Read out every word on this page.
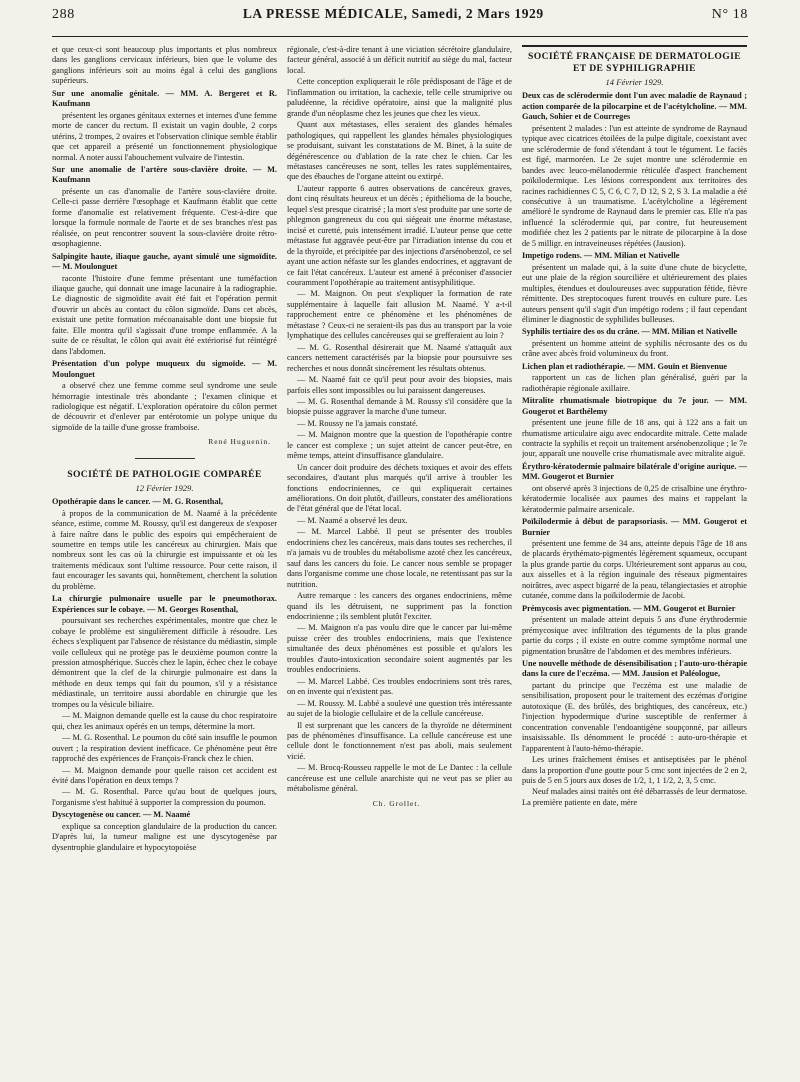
288	LA PRESSE MÉDICALE, Samedi, 2 Mars 1929	N° 18

et que ceux-ci sont beaucoup plus importants et plus nombreux dans les ganglions cervicaux inférieurs, bien que le volume des ganglions inférieurs soit au moins égal à celui des ganglions supérieurs.

Sur une anomalie génitale. — MM. A. Bergeret et R. Kaufmann

présentent les organes génitaux externes et internes d'une femme morte de cancer du rectum. Il existait un vagin double, 2 corps utérins, 2 trompes, 2 ovaires et l'observation clinique semble établir que cet appareil a présenté un fonctionnement physiologique normal. A noter aussi l'abouchement vulvaire de l'intestin.

Sur une anomalie de l'artère sous-clavière droite. — M. Kaufmann

présente un cas d'anomalie de l'artère sous-clavière droite. Celle-ci passe derrière l'œsophage et Kaufmann établit que cette forme d'anomalie est relativement fréquente. C'est-à-dire que lorsque la formule normale de l'aorte et de ses branches n'est pas réalisée, on peut rencontrer souvent la sous-clavière droite rétro-œsophagienne.

Salpingite haute, iliaque gauche, ayant simulé une sigmoïdite. — M. Moulonguet

raconte l'histoire d'une femme présentant une tuméfaction iliaque gauche, qui donnait une image lacunaire à la radiographie. Le diagnostic de sigmoïdite avait été fait et l'opération permit d'ouvrir un abcès au contact du côlon sigmoïde. Dans cet abcès, existait une petite formation mécoanaisable dont une biopsie fut faite. Elle montra qu'il s'agissait d'une trompe enflammée. A la suite de ce résultat, le côlon qui avait été extériorisé fut réintégré dans l'abdomen.

Présentation d'un polype muqueux du sigmoïde. — M. Moulonguet

a observé chez une femme comme seul syndrome une seule hémorragie intestinale très abondante ; l'examen clinique et radiologique est négatif. L'exploration opératoire du côlon permet de découvrir et d'enlever par entérotomie un polype unique du sigmoïde de la taille d'une grosse framboise.

René Huguenin.
SOCIÉTÉ DE PATHOLOGIE COMPARÉE
12 Février 1929.

Opothérapie dans le cancer. — M. G. Rosenthal,

à propos de la communication de M. Naamé à la précédente séance, estime, comme M. Roussy, qu'il est dangereux de s'exposer à faire naître dans le public des espoirs qui empêcheraient de soumettre en temps utile les cancéreux au chirurgien. Mais que nombreux sont les cas où la chirurgie est impuissante et où les traitements médicaux sont l'ultime ressource. Pour cette raison, il faut encourager les savants qui, honnêtement, cherchent la solution du problème.

La chirurgie pulmonaire usuelle par le pneumothorax. Expériences sur le cobaye. — M. Georges Rosenthal,

poursuivant ses recherches expérimentales, montre que chez le cobaye le problème est singulièrement difficile à résoudre. Les échecs s'expliquent par l'absence de résistance du médiastin, simple voile celluleux qui ne protège pas le deuxième poumon contre la pression atmosphérique. Succès chez le lapin, échec chez le cobaye démontrent que la clef de la chirurgie pulmonaire est dans la méthode en deux temps qui fait du poumon, s'il y a résistance médiastinale, un territoire aussi abordable en chirurgie que les trompes ou la vésicule biliaire.

— M. Maignon demande quelle est la cause du choc respiratoire qui, chez les animaux opérés en un temps, détermine la mort.

— M. G. Rosenthal. Le poumon du côté sain insuffle le poumon ouvert ; la respiration devient inefficace. Ce phénomène peut être rapproché des expériences de François-Franck chez le chien.

— M. Maignon demande pour quelle raison cet accident est évité dans l'opération en deux temps ?

— M. G. Rosenthal. Parce qu'au bout de quelques jours, l'organisme s'est habitué à supporter la compression du poumon.

Dyscytogenèse ou cancer. — M. Naamé

explique sa conception glandulaire de la production du cancer. D'après lui, la tumeur maligne est une dyscytogenèse par dysentrophie glandulaire et hypocytopoièse

régionale, c'est-à-dire tenant à une viciation sécrétoire glandulaire, facteur général, associé à un déficit nutritif au siège du mal, facteur local.

Cette conception expliquerait le rôle prédisposant de l'âge et de l'inflammation ou irritation, la cachexie, telle celle strumiprive ou paludéenne, la récidive opératoire, ainsi que la malignité plus grande d'un néoplasme chez les jeunes que chez les vieux.

Quant aux métastases, elles seraient des glandes hémales pathologiques, qui rappellent les glandes hémales physiologiques se produisant, suivant les constatations de M. Binet, à la suite de dégénérescence ou d'ablation de la rate chez le chien. Car les métastases cancéreuses ne sont, telles les rates supplémentaires, que des ébauches de l'organe atteint ou extirpé.

L'auteur rapporte 6 autres observations de cancéreux graves, dont cinq résultats heureux et un décès ; épithélioma de la bouche, lequel s'est presque cicatrisé ; la mort s'est produite par une sorte de phlegmon gangreneux du cou qui siégeait une énorme métastase, incisé et curetté, puis intensément irradié. L'auteur pense que cette métastase fut aggravée peut-être par l'irradiation intense du cou et de la thyroïde, et précipitée par des injections d'arsénobenzol, ce sel ayant une action néfaste sur les glandes endocrines, et aggravant de ce fait l'état cancéreux. L'auteur est amené à préconiser d'associer couramment l'opothérapie au traitement antisyphilitique.

— M. Maignon. On peut s'expliquer la formation de rate supplémentaire à laquelle fait allusion M. Naamé. Y a-t-il rapprochement entre ce phénomène et les phénomènes de métastase ? Ceux-ci ne seraient-ils pas dus au transport par la voie lymphatique des cellules cancéreuses qui se grefferaient au loin ?

— M. G. Rosenthal désirerait que M. Naamé s'attaquât aux cancers nettement caractérisés par la biopsie pour poursuivre ses recherches et nous donnât sincèrement les résultats obtenus.

— M. Naamé fait ce qu'il peut pour avoir des biopsies, mais parfois elles sont impossibles ou lui paraissent dangereuses.

— M. G. Rosenthal demande à M. Roussy s'il considère que la biopsie puisse aggraver la marche d'une tumeur.

— M. Roussy ne l'a jamais constaté.

— M. Maignon montre que la question de l'opothérapie contre le cancer est complexe ; un sujet atteint de cancer peut-être, en même temps, atteint d'insuffisance glandulaire.

Un cancer doit produire des déchets toxiques et avoir des effets secondaires, d'autant plus marqués qu'il arrive à troubler les fonctions endocriniennes, ce qui expliquerait certaines améliorations. On doit plutôt, d'ailleurs, constater des améliorations de l'état général que de l'état local.

— M. Naamé a observé les deux.

— M. Marcel Labbé. Il peut se présenter des troubles endocriniens chez les cancéreux, mais dans toutes ses recherches, il n'a jamais vu de troubles du métabolisme azoté chez les cancéreux, sauf dans les cancers du foie. Le cancer nous semble se propager dans l'organisme comme une chose locale, ne retentissant pas sur la nutrition.

Autre remarque : les cancers des organes endocriniens, même quand ils les détruisent, ne suppriment pas la fonction endocrinienne ; ils semblent plutôt l'exciter.

— M. Maignon n'a pas voulu dire que le cancer par lui-même puisse créer des troubles endocriniens, mais que l'existence simultanée des deux phénomènes est possible et qu'alors les troubles d'auto-intoxication secondaire soient augmentés par les troubles endocriniens.

— M. Marcel Labbé. Ces troubles endocriniens sont très rares, on en invente qui n'existent pas.

— M. Roussy. M. Labbé a soulevé une question très intéressante au sujet de la biologie cellulaire et de la cellule cancéreuse.

Il est surprenant que les cancers de la thyroïde ne déterminent pas de phénomènes d'insuffisance. La cellule cancéreuse est une cellule dont le fonctionnement n'est pas aboli, mais seulement vicié.

— M. Brocq-Rousseu rappelle le mot de Le Dantec : la cellule cancéreuse est une cellule anarchiste qui ne veut pas se plier au métabolisme général.

Ch. Grollet.
SOCIÉTÉ FRANÇAISE DE DERMATOLOGIE ET DE SYPHILIGRAPHIE
14 Février 1929.

Deux cas de sclérodermie dont l'un avec maladie de Raynaud ; action comparée de la pilocarpine et de l'acétylcholine. — MM. Gauch, Sohier et de Courreges

présentent 2 malades : l'un est atteinte de syndrome de Raynaud typique avec cicatrices étoilées de la pulpe digitale, coexistant avec une sclérodermie de fond s'étendant à tout le tégument. Le faciès est figé, marmoréen. Le 2e sujet montre une sclérodermie en bandes avec leuco-mélanodermie réticulée d'aspect franchement poïkilodermique. Les lésions correspondent aux territoires des racines rachidiennes C 5, C 6, C 7, D 12, S 2, S 3. La maladie a été consécutive à un traumatisme. L'acétylcholine a légèrement amélioré le syndrome de Raynaud dans le premier cas. Elle n'a pas influencé la sclérodermie qui, par contre, fut heureusement modifiée chez les 2 patients par le nitrate de pilocarpine à la dose de 5 milligr. en intraveineuses répétées (Jausion).

Impetigo rodens. — MM. Milian et Nativelle

présentent un malade qui, à la suite d'une chute de bicyclette, eut une plaie de la région sourcilière et ultérieurement des plaies multiples, étendues et douloureuses avec suppuration fétide, fièvre rémittente. Des streptocoques furent trouvés en culture pure. Les auteurs pensent qu'il s'agit d'un impétigo rodens ; il faut cependant éliminer le diagnostic de syphilides bulleuses.

Syphilis tertiaire des os du crâne. — MM. Milian et Nativelle

présentent un homme atteint de syphilis nécrosante des os du crâne avec abcès froid volumineux du front.

Lichen plan et radiothérapie. — MM. Gouïn et Bienvenue

rapportent un cas de lichen plan généralisé, guéri par la radiothérapie régionale axillaire.

Mitralite rhumatismale biotropique du 7e jour. — MM. Gougerot et Barthélemy

présentent une jeune fille de 18 ans, qui à 122 ans a fait un rhumatisme articulaire aigu avec endocardite mitrale. Cette malade contracte la syphilis et reçoit un traitement arsénobenzolique ; le 7e jour, apparaît une nouvelle crise rhumatismale avec mitralite aiguë.

Érythro-kératodermie palmaire bilatérale d'origine aurique. — MM. Gougerot et Burnier

ont observé après 3 injections de 0,25 de crisalbine une érythro-kératodermie localisée aux paumes des mains et rappelant la kératodermie palmaire arsenicale.

Poïkilodermie à début de parapsoriasis. — MM. Gougerot et Burnier

présentent une femme de 34 ans, atteinte depuis l'âge de 18 ans de placards érythémato-pigmentés légèrement squameux, occupant la plus grande partie du corps. Ultérieurement sont apparus au cou, aux aisselles et à la région inguinale des réseaux pigmentaires noirâtres, avec aspect bigarré de la peau, télangiectasies et atrophie cutanée, comme dans la poïkilodermie de Jacobi.

Prémycosis avec pigmentation. — MM. Gougerot et Burnier

présentent un malade atteint depuis 5 ans d'une érythrodermie prémycosique avec infiltration des téguments de la plus grande partie du corps ; il existe en outre comme symptôme normal une pigmentation brunâtre de l'abdomen et des membres inférieurs.

Une nouvelle méthode de désensibilisation ; l'auto-uro-thérapie dans la cure de l'eczéma. — MM. Jausion et Paléologue,

partant du principe que l'eczéma est une maladie de sensibilisation, proposent pour le traitement des eczémas d'origine autotoxique (E. des brûlés, des brightiques, des cancéreux, etc.) l'injection hypodermique d'urine susceptible de renfermer à concentration convenable l'endoantigène soupçonné, par ailleurs insaisissable. Ils dénomment le procédé : auto-uro-thérapie et l'apparentent à l'auto-hémo-thérapie.

Les urines fraîchement émises et antiseptisées par le phénol dans la proportion d'une goutte pour 5 cmc sont injectées de 2 en 2, puis de 5 en 5 jours aux doses de 1/2, 1, 1 1/2, 2, 3, 5 cmc.

Neuf malades ainsi traités ont été débarrassés de leur dermatose. La première patiente en date, mère
